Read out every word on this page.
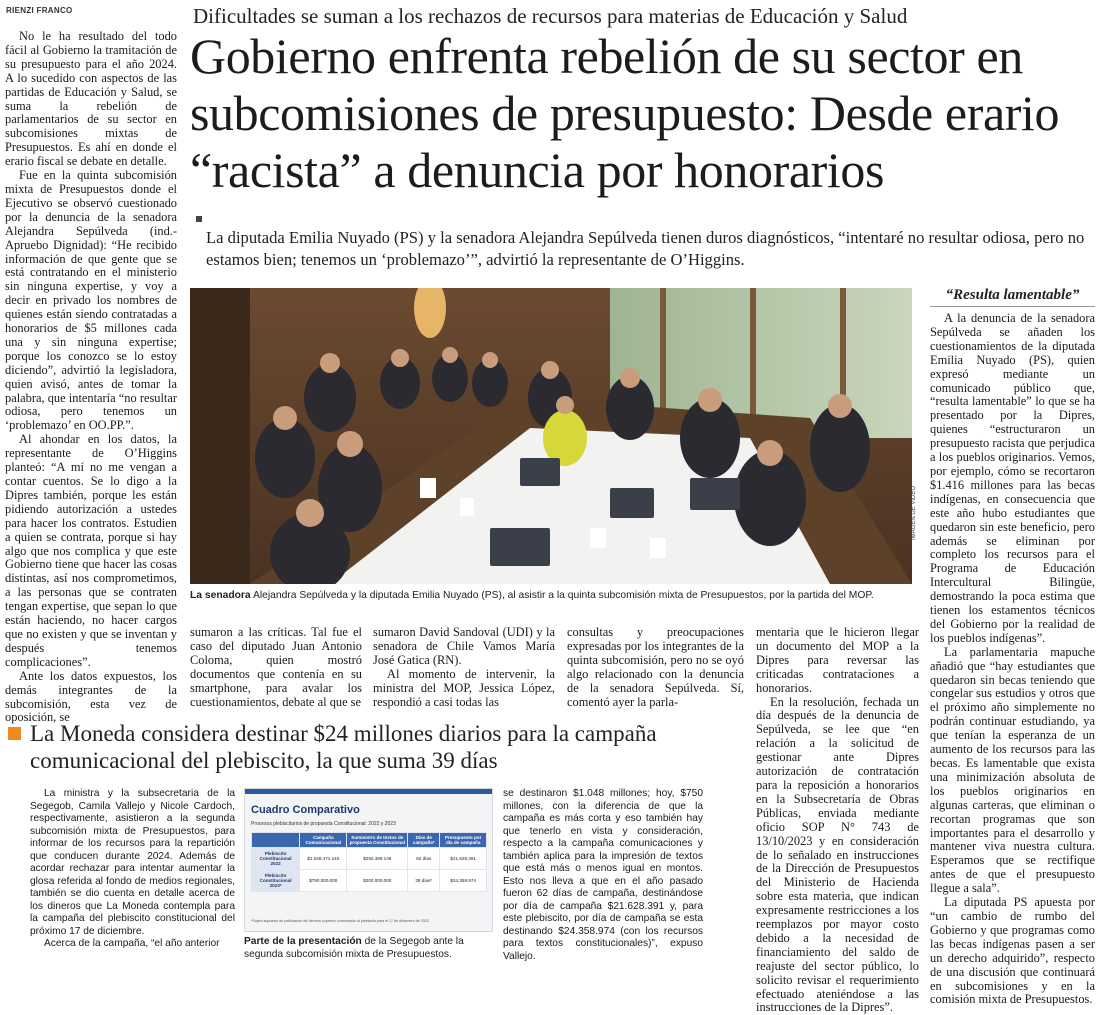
RIENZI FRANCO	Dificultades se suman a los rechazos de recursos para materias de Educación y Salud
Gobierno enfrenta rebelión de su sector en subcomisiones de presupuesto: Desde erario “racista” a denuncia por honorarios
La diputada Emilia Nuyado (PS) y la senadora Alejandra Sepúlveda tienen duros diagnósticos, “intentaré no resultar odiosa, pero no estamos bien; tenemos un ‘problemazo’”, advirtió la representante de O’Higgins.

No le ha resultado del todo fácil al Gobierno la tramitación de su presupuesto para el año 2024. A lo sucedido con aspectos de las partidas de Educación y Salud, se suma la rebelión de parlamentarios de su sector en subcomisiones mixtas de Presupuestos. Es ahí en donde el erario fiscal se debate en detalle.

Fue en la quinta subcomisión mixta de Presupuestos donde el Ejecutivo se observó cuestionado por la denuncia de la senadora Alejandra Sepúlveda (ind.-Apruebo Dignidad): “He recibido información de que gente que se está contratando en el ministerio sin ninguna expertise, y voy a decir en privado los nombres de quienes están siendo contratadas a honorarios de $5 millones cada una y sin ninguna expertise; porque los conozco se lo estoy diciendo”, advirtió la legisladora, quien avisó, antes de tomar la palabra, que intentaría “no resultar odiosa, pero tenemos un ‘problemazo’ en OO.PP.”.

Al ahondar en los datos, la representante de O’Higgins planteó: “A mí no me vengan a contar cuentos. Se lo digo a la Dipres también, porque les están pidiendo autorización a ustedes para hacer los contratos. Estudien a quien se contrata, porque si hay algo que nos complica y que este Gobierno tiene que hacer las cosas distintas, así nos comprometimos, a las personas que se contraten tengan expertise, que sepan lo que están haciendo, no hacer cargos que no existen y que se inventan y después tenemos complicaciones”.

Ante los datos expuestos, los demás integrantes de la subcomisión, esta vez de oposición, se

IMAGEN DE VIDEO
La senadora Alejandra Sepúlveda y la diputada Emilia Nuyado (PS), al asistir a la quinta subcomisión mixta de Presupuestos, por la partida del MOP.

sumaron a las críticas. Tal fue el caso del diputado Juan Antonio Coloma, quien mostró documentos que contenía en su smartphone, para avalar los cuestionamientos, debate al que se

sumaron David Sandoval (UDI) y la senadora de Chile Vamos María José Gatica (RN).

Al momento de intervenir, la ministra del MOP, Jessica López, respondió a casi todas las

consultas y preocupaciones expresadas por los integrantes de la quinta subcomisión, pero no se oyó algo relacionado con la denuncia de la senadora Sepúlveda. Sí, comentó ayer la parla-

mentaria que le hicieron llegar un documento del MOP a la Dipres para reversar las criticadas contrataciones a honorarios.

En la resolución, fechada un día después de la denuncia de Sepúlveda, se lee que “en relación a la solicitud de gestionar ante Dipres autorización de contratación para la reposición a honorarios en la Subsecretaría de Obras Públicas, enviada mediante oficio SOP N° 743 de 13/10/2023 y en consideración de lo señalado en instrucciones de la Dirección de Presupuestos del Ministerio de Hacienda sobre esta materia, que indican expresamente restricciones a los reemplazos por mayor costo debido a la necesidad de financiamiento del saldo de reajuste del sector público, lo solicito revisar el requerimiento efectuado ateniéndose a las instrucciones de la Dipres”.

“Resulta lamentable”

A la denuncia de la senadora Sepúlveda se añaden los cuestionamientos de la diputada Emilia Nuyado (PS), quien expresó mediante un comunicado público que, “resulta lamentable” lo que se ha presentado por la Dipres, quienes “estructuraron un presupuesto racista que perjudica a los pueblos originarios. Vemos, por ejemplo, cómo se recortaron $1.416 millones para las becas indígenas, en consecuencia que este año hubo estudiantes que quedaron sin este beneficio, pero además se eliminan por completo los recursos para el Programa de Educación Intercultural Bilingüe, demostrando la poca estima que tienen los estamentos técnicos del Gobierno por la realidad de los pueblos indígenas”.

La parlamentaria mapuche añadió que “hay estudiantes que quedaron sin becas teniendo que congelar sus estudios y otros que el próximo año simplemente no podrán continuar estudiando, ya que tenían la esperanza de un aumento de los recursos para las becas. Es lamentable que exista una minimización absoluta de los pueblos originarios en algunas carteras, que eliminan o recortan programas que son importantes para el desarrollo y mantener viva nuestra cultura. Esperamos que se rectifique antes de que el presupuesto llegue a sala”.

La diputada PS apuesta por “un cambio de rumbo del Gobierno y que programas como las becas indígenas pasen a ser un derecho adquirido”, respecto de una discusión que continuará en subcomisiones y en la comisión mixta de Presupuestos.

La Moneda considera destinar $24 millones diarios para la campaña comunicacional del plebiscito, la que suma 39 días

La ministra y la subsecretaria de la Segegob, Camila Vallejo y Nicole Cardoch, respectivamente, asistieron a la segunda subcomisión mixta de Presupuestos, para informar de los recursos para la repartición que conducen durante 2024. Además de acordar rechazar para intentar aumentar la glosa referida al fondo de medios regionales, también se dio cuenta en detalle acerca de los dineros que La Moneda contempla para la campaña del plebiscito constitucional del próximo 17 de diciembre.

Acerca de la campaña, “el año anterior

se destinaron $1.048 millones; hoy, $750 millones, con la diferencia de que la campaña es más corta y eso también hay que tenerlo en vista y consideración, respecto a la campaña comunicaciones y también aplica para la impresión de textos que está más o menos igual en montos. Esto nos lleva a que en el año pasado fueron 62 días de campaña, destinándose por día de campaña $21.628.391 y, para este plebiscito, por día de campaña se esta destinando $24.358.974 (con los recursos para textos constitucionales)”, expuso Vallejo.

Cuadro Comparativo
Procesos plebiscitarios de propuesta Constitucional: 2022 y 2023
	Campaña Comunicacional	Suministro de textos de propuesta Constitucional	Días de campaña*	Presupuesto por día de campaña
Plebiscito Constitucional 2022	$1.048.471.140	$292.489.148	62 días	$21.628.391
Plebiscito Constitucional 2023*	$750.000.000	$200.000.000	39 días*	$24.358.974
*Sujeto supuesto de publicación del decreto supremo convocando al plebiscito para el 17 de diciembre de 2023
Parte de la presentación de la Segegob ante la segunda subcomisión mixta de Presupuestos.
